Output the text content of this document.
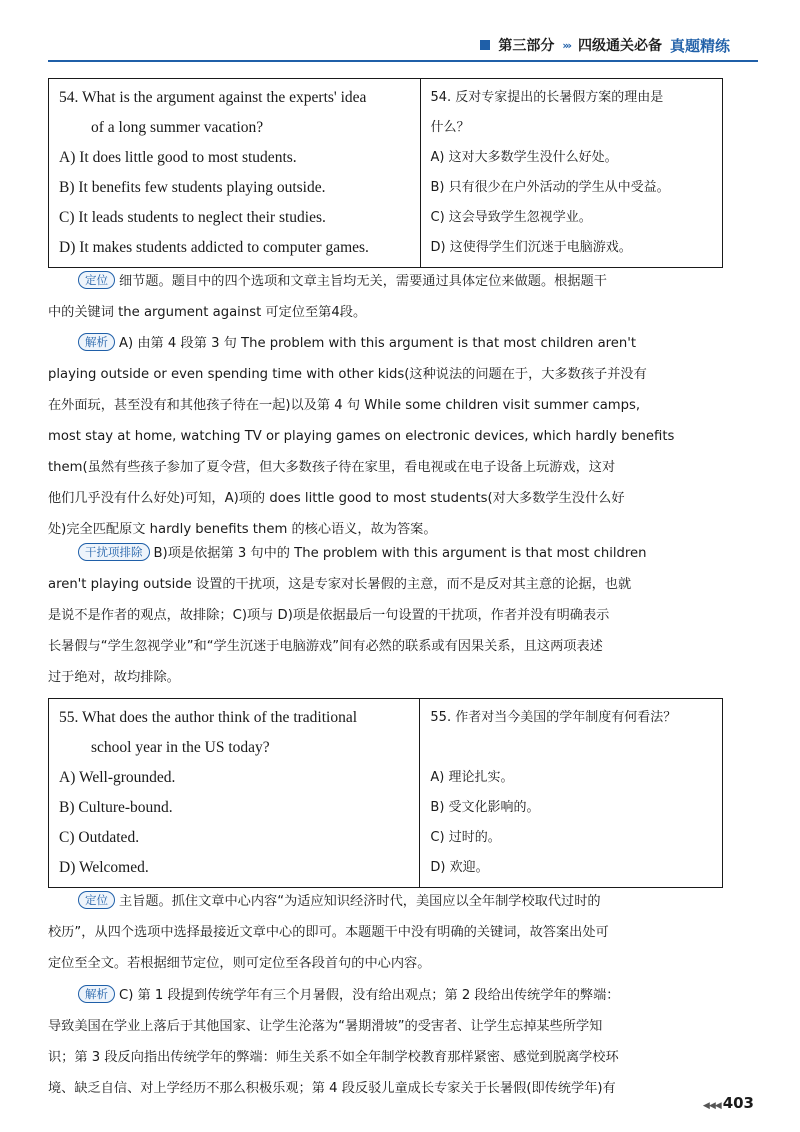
第三部分 ››› 四级通关必备 真题精练
54. What is the argument against the experts' idea
of a long summer vacation?
A) It does little good to most students.
B) It benefits few students playing outside.
C) It leads students to neglect their studies.
D) It makes students addicted to computer games.

54. 反对专家提出的长暑假方案的理由是
什么？
A) 这对大多数学生没什么好处。
B) 只有很少在户外活动的学生从中受益。
C) 这会导致学生忽视学业。
D) 这使得学生们沉迷于电脑游戏。
定位 细节题。题目中的四个选项和文章主旨均无关，需要通过具体定位来做题。根据题干
中的关键词 the argument against 可定位至第4段。
解析 A) 由第 4 段第 3 句 The problem with this argument is that most children aren't
playing outside or even spending time with other kids(这种说法的问题在于，大多数孩子并没有
在外面玩，甚至没有和其他孩子待在一起)以及第 4 句 While some children visit summer camps,
most stay at home, watching TV or playing games on electronic devices, which hardly benefits
them(虽然有些孩子参加了夏令营，但大多数孩子待在家里，看电视或在电子设备上玩游戏，这对
他们几乎没有什么好处)可知，A)项的 does little good to most students(对大多数学生没什么好
处)完全匹配原文 hardly benefits them 的核心语义，故为答案。
干扰项排除 B)项是依据第 3 句中的 The problem with this argument is that most children
aren't playing outside 设置的干扰项，这是专家对长暑假的主意，而不是反对其主意的论据，也就
是说不是作者的观点，故排除；C)项与 D)项是依据最后一句设置的干扰项，作者并没有明确表示
长暑假与“学生忽视学业”和“学生沉迷于电脑游戏”间有必然的联系或有因果关系，且这两项表述
过于绝对，故均排除。
55. What does the author think of the traditional
school year in the US today?
A) Well-grounded.
B) Culture-bound.
C) Outdated.
D) Welcomed.

55. 作者对当今美国的学年制度有何看法？
A) 理论扎实。
B) 受文化影响的。
C) 过时的。
D) 欢迎。
定位 主旨题。抓住文章中心内容“为适应知识经济时代，美国应以全年制学校取代过时的
校历”，从四个选项中选择最接近文章中心的即可。本题题干中没有明确的关键词，故答案出处可
定位至全文。若根据细节定位，则可定位至各段首句的中心内容。
解析 C) 第 1 段提到传统学年有三个月暑假，没有给出观点；第 2 段给出传统学年的弊端：
导致美国在学业上落后于其他国家、让学生沦落为“暑期滑坡”的受害者、让学生忘掉某些所学知
识；第 3 段反向指出传统学年的弊端：师生关系不如全年制学校教育那样紧密、感觉到脱离学校环
境、缺乏自信、对上学经历不那么积极乐观；第 4 段反驳儿童成长专家关于长暑假(即传统学年)有
◀◀◀ 403
